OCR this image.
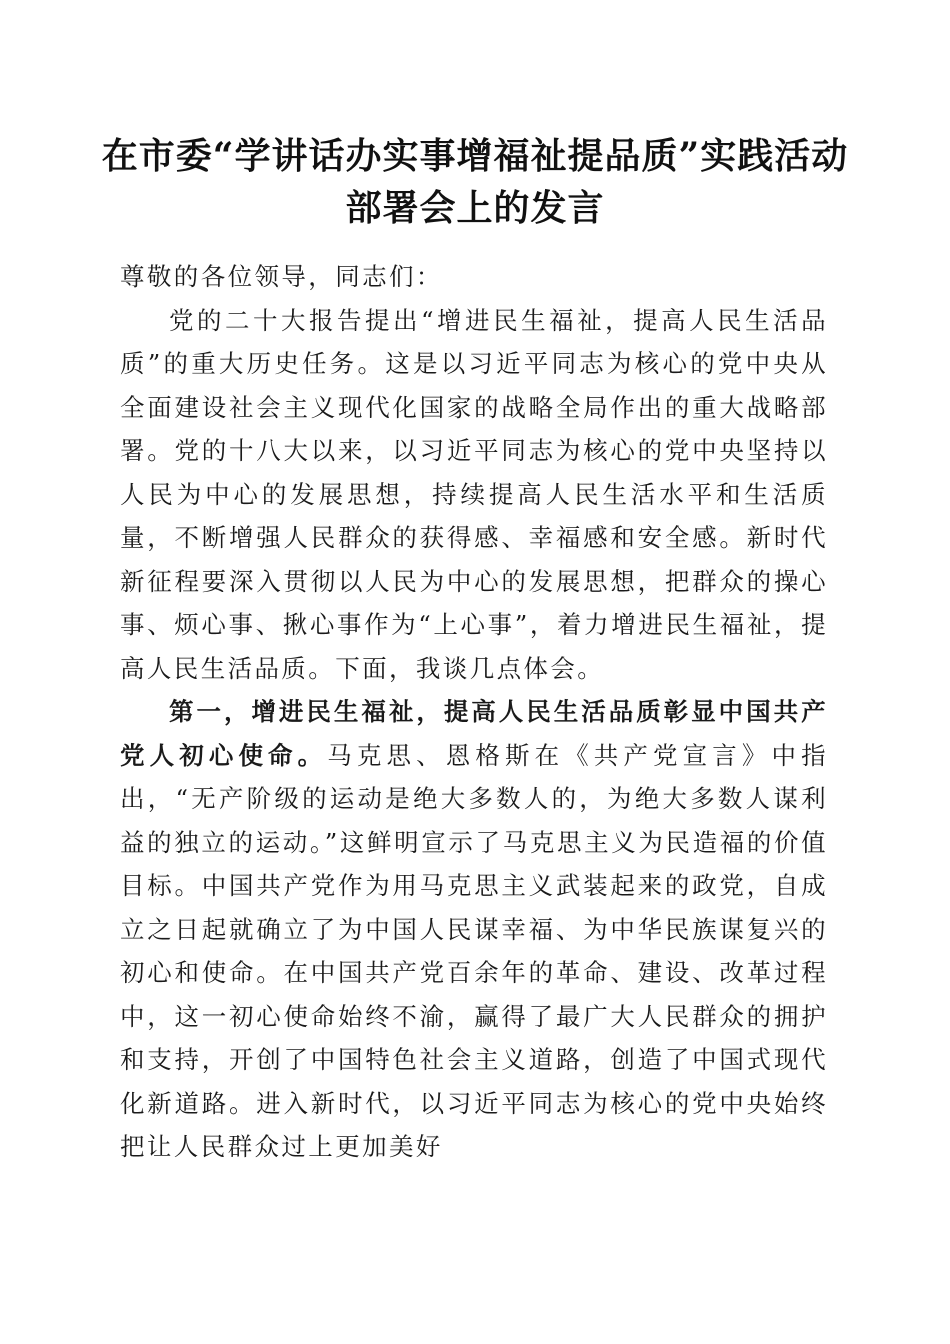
在市委“学讲话办实事增福祉提品质”实践活动部署会上的发言

尊敬的各位领导，同志们：

党的二十大报告提出“增进民生福祉，提高人民生活品质”的重大历史任务。这是以习近平同志为核心的党中央从全面建设社会主义现代化国家的战略全局作出的重大战略部署。党的十八大以来，以习近平同志为核心的党中央坚持以人民为中心的发展思想，持续提高人民生活水平和生活质量，不断增强人民群众的获得感、幸福感和安全感。新时代新征程要深入贯彻以人民为中心的发展思想，把群众的操心事、烦心事、揪心事作为“上心事”，着力增进民生福祉，提高人民生活品质。下面，我谈几点体会。

第一，增进民生福祉，提高人民生活品质彰显中国共产党人初心使命。马克思、恩格斯在《共产党宣言》中指出，“无产阶级的运动是绝大多数人的，为绝大多数人谋利益的独立的运动。”这鲜明宣示了马克思主义为民造福的价值目标。中国共产党作为用马克思主义武装起来的政党，自成立之日起就确立了为中国人民谋幸福、为中华民族谋复兴的初心和使命。在中国共产党百余年的革命、建设、改革过程中，这一初心使命始终不渝，赢得了最广大人民群众的拥护和支持，开创了中国特色社会主义道路，创造了中国式现代化新道路。进入新时代，以习近平同志为核心的党中央始终把让人民群众过上更加美好
